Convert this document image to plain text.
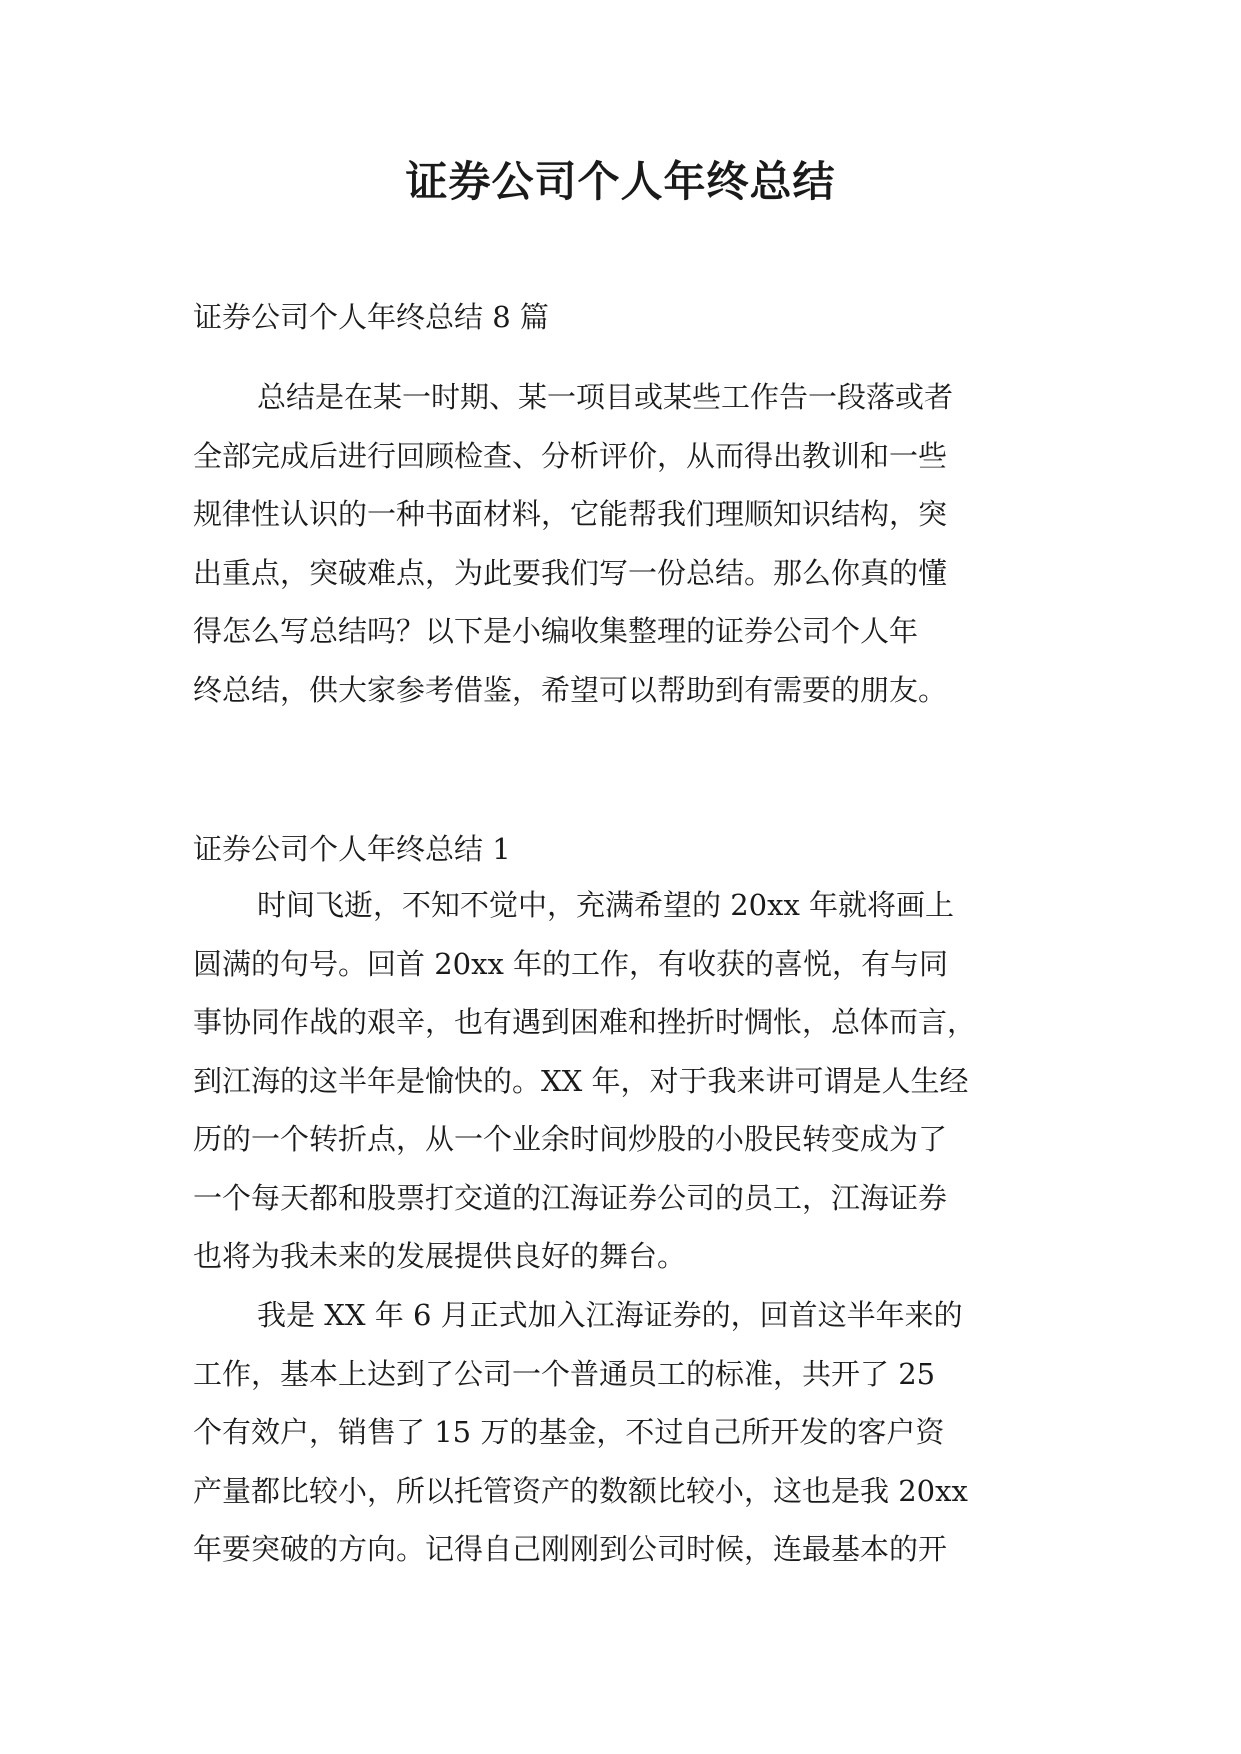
证券公司个人年终总结

证券公司个人年终总结 8 篇

总结是在某一时期、某一项目或某些工作告一段落或者
全部完成后进行回顾检查、分析评价，从而得出教训和一些
规律性认识的一种书面材料，它能帮我们理顺知识结构，突
出重点，突破难点，为此要我们写一份总结。那么你真的懂
得怎么写总结吗？以下是小编收集整理的证券公司个人年
终总结，供大家参考借鉴，希望可以帮助到有需要的朋友。

证券公司个人年终总结 1

时间飞逝，不知不觉中，充满希望的 20xx 年就将画上
圆满的句号。回首 20xx 年的工作，有收获的喜悦，有与同
事协同作战的艰辛，也有遇到困难和挫折时惆怅，总体而言，
到江海的这半年是愉快的。XX 年，对于我来讲可谓是人生经
历的一个转折点，从一个业余时间炒股的小股民转变成为了
一个每天都和股票打交道的江海证券公司的员工，江海证券
也将为我未来的发展提供良好的舞台。
我是 XX 年 6 月正式加入江海证券的，回首这半年来的
工作，基本上达到了公司一个普通员工的标准，共开了 25
个有效户，销售了 15 万的基金，不过自己所开发的客户资
产量都比较小，所以托管资产的数额比较小，这也是我 20xx
年要突破的方向。记得自己刚刚到公司时候，连最基本的开
